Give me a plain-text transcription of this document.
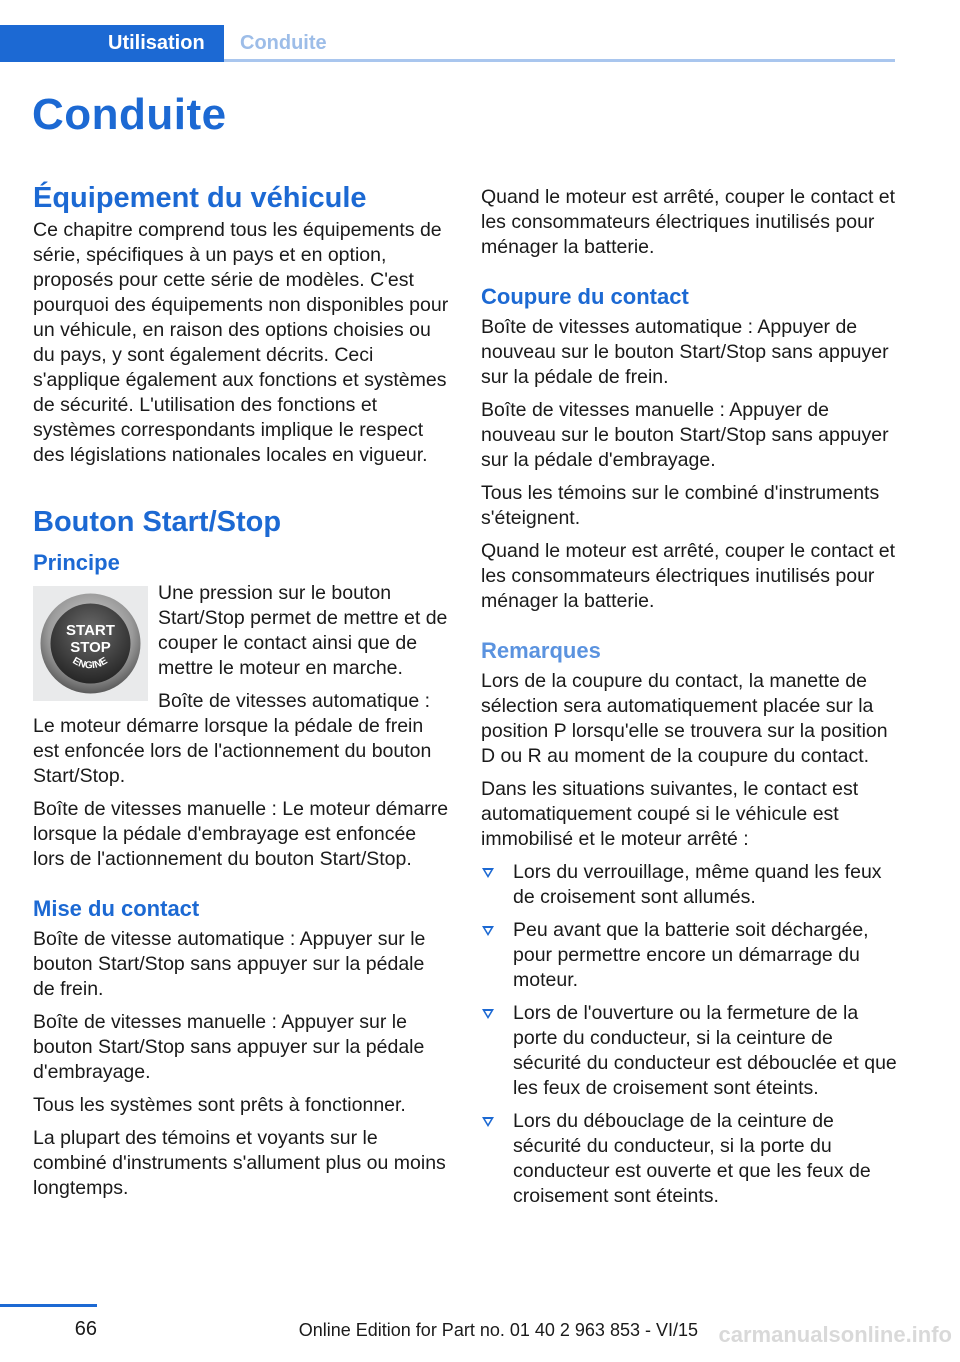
Utilisation	Conduite
Conduite
Équipement du véhicule

Ce chapitre comprend tous les équipements de série, spécifiques à un pays et en option, proposés pour cette série de modèles. C'est pourquoi des équipements non disponibles pour un véhicule, en raison des options choisies ou du pays, y sont également décrits. Ceci s'applique également aux fonctions et systèmes de sécurité. L'utilisation des fonctions et systèmes correspondants implique le respect des législations nationales locales en vigueur.

Bouton Start/Stop
Principe
START
STOP
ENGINE

Une pression sur le bouton Start/Stop permet de mettre et de couper le contact ainsi que de mettre le moteur en marche.

Boîte de vitesses automatique : Le moteur démarre lorsque la pédale de frein est enfoncée lors de l'actionnement du bouton Start/Stop.

Boîte de vitesses manuelle : Le moteur démarre lorsque la pédale d'embrayage est enfoncée lors de l'actionnement du bouton Start/Stop.

Mise du contact

Boîte de vitesse automatique : Appuyer sur le bouton Start/Stop sans appuyer sur la pédale de frein.

Boîte de vitesses manuelle : Appuyer sur le bouton Start/Stop sans appuyer sur la pédale d'embrayage.

Tous les systèmes sont prêts à fonctionner.

La plupart des témoins et voyants sur le combiné d'instruments s'allument plus ou moins longtemps.

Quand le moteur est arrêté, couper le contact et les consommateurs électriques inutilisés pour ménager la batterie.

Coupure du contact

Boîte de vitesses automatique : Appuyer de nouveau sur le bouton Start/Stop sans appuyer sur la pédale de frein.

Boîte de vitesses manuelle : Appuyer de nouveau sur le bouton Start/Stop sans appuyer sur la pédale d'embrayage.

Tous les témoins sur le combiné d'instruments s'éteignent.

Quand le moteur est arrêté, couper le contact et les consommateurs électriques inutilisés pour ménager la batterie.

Remarques

Lors de la coupure du contact, la manette de sélection sera automatiquement placée sur la position P lorsqu'elle se trouvera sur la position D ou R au moment de la coupure du contact.

Dans les situations suivantes, le contact est automatiquement coupé si le véhicule est immobilisé et le moteur arrêté :

Lors du verrouillage, même quand les feux de croisement sont allumés.
Peu avant que la batterie soit déchargée, pour permettre encore un démarrage du moteur.
Lors de l'ouverture ou la fermeture de la porte du conducteur, si la ceinture de sécurité du conducteur est débouclée et que les feux de croisement sont éteints.
Lors du débouclage de la ceinture de sécurité du conducteur, si la porte du conducteur est ouverte et que les feux de croisement sont éteints.
66	Online Edition for Part no. 01 40 2 963 853 - VI/15 carmanualsonline.info
